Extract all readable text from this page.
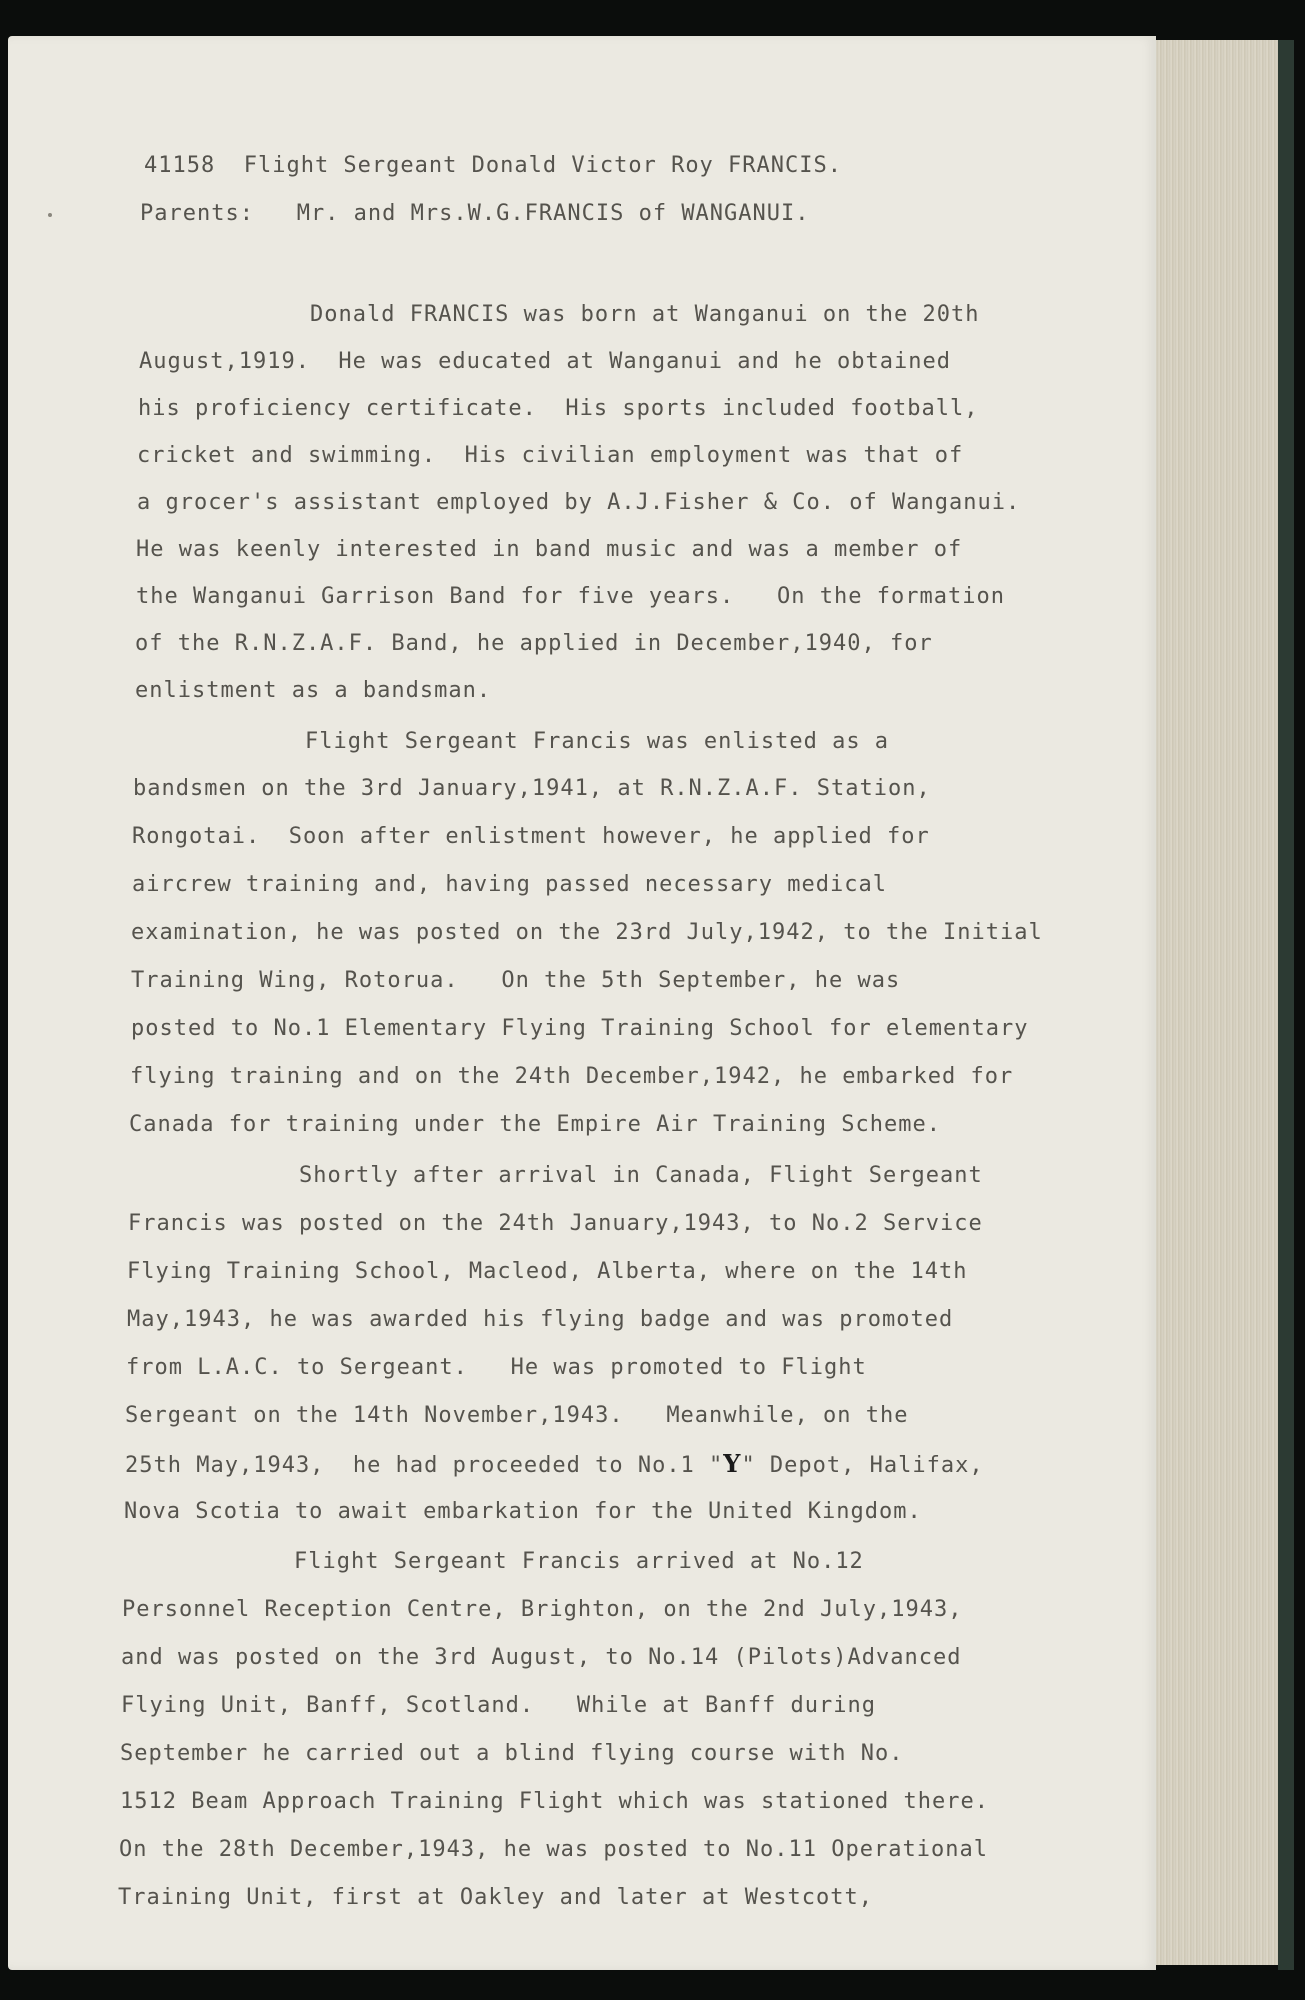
41158  Flight Sergeant Donald Victor Roy FRANCIS.
Parents:   Mr. and Mrs.W.G.FRANCIS of WANGANUI.
Donald FRANCIS was born at Wanganui on the 20th
August,1919.  He was educated at Wanganui and he obtained
his proficiency certificate.  His sports included football,
cricket and swimming.  His civilian employment was that of
a grocer's assistant employed by A.J.Fisher & Co. of Wanganui.
He was keenly interested in band music and was a member of
the Wanganui Garrison Band for five years.   On the formation
of the R.N.Z.A.F. Band, he applied in December,1940, for
enlistment as a bandsman.
Flight Sergeant Francis was enlisted as a
bandsmen on the 3rd January,1941, at R.N.Z.A.F. Station,
Rongotai.  Soon after enlistment however, he applied for
aircrew training and, having passed necessary medical
examination, he was posted on the 23rd July,1942, to the Initial
Training Wing, Rotorua.   On the 5th September, he was
posted to No.1 Elementary Flying Training School for elementary
flying training and on the 24th December,1942, he embarked for
Canada for training under the Empire Air Training Scheme.
Shortly after arrival in Canada, Flight Sergeant
Francis was posted on the 24th January,1943, to No.2 Service
Flying Training School, Macleod, Alberta, where on the 14th
May,1943, he was awarded his flying badge and was promoted
from L.A.C. to Sergeant.   He was promoted to Flight
Sergeant on the 14th November,1943.   Meanwhile, on the
25th May,1943,  he had proceeded to No.1 "Y" Depot, Halifax,
Nova Scotia to await embarkation for the United Kingdom.
Flight Sergeant Francis arrived at No.12
Personnel Reception Centre, Brighton, on the 2nd July,1943,
and was posted on the 3rd August, to No.14 (Pilots)Advanced
Flying Unit, Banff, Scotland.   While at Banff during
September he carried out a blind flying course with No.
1512 Beam Approach Training Flight which was stationed there.
On the 28th December,1943, he was posted to No.11 Operational
Training Unit, first at Oakley and later at Westcott,
